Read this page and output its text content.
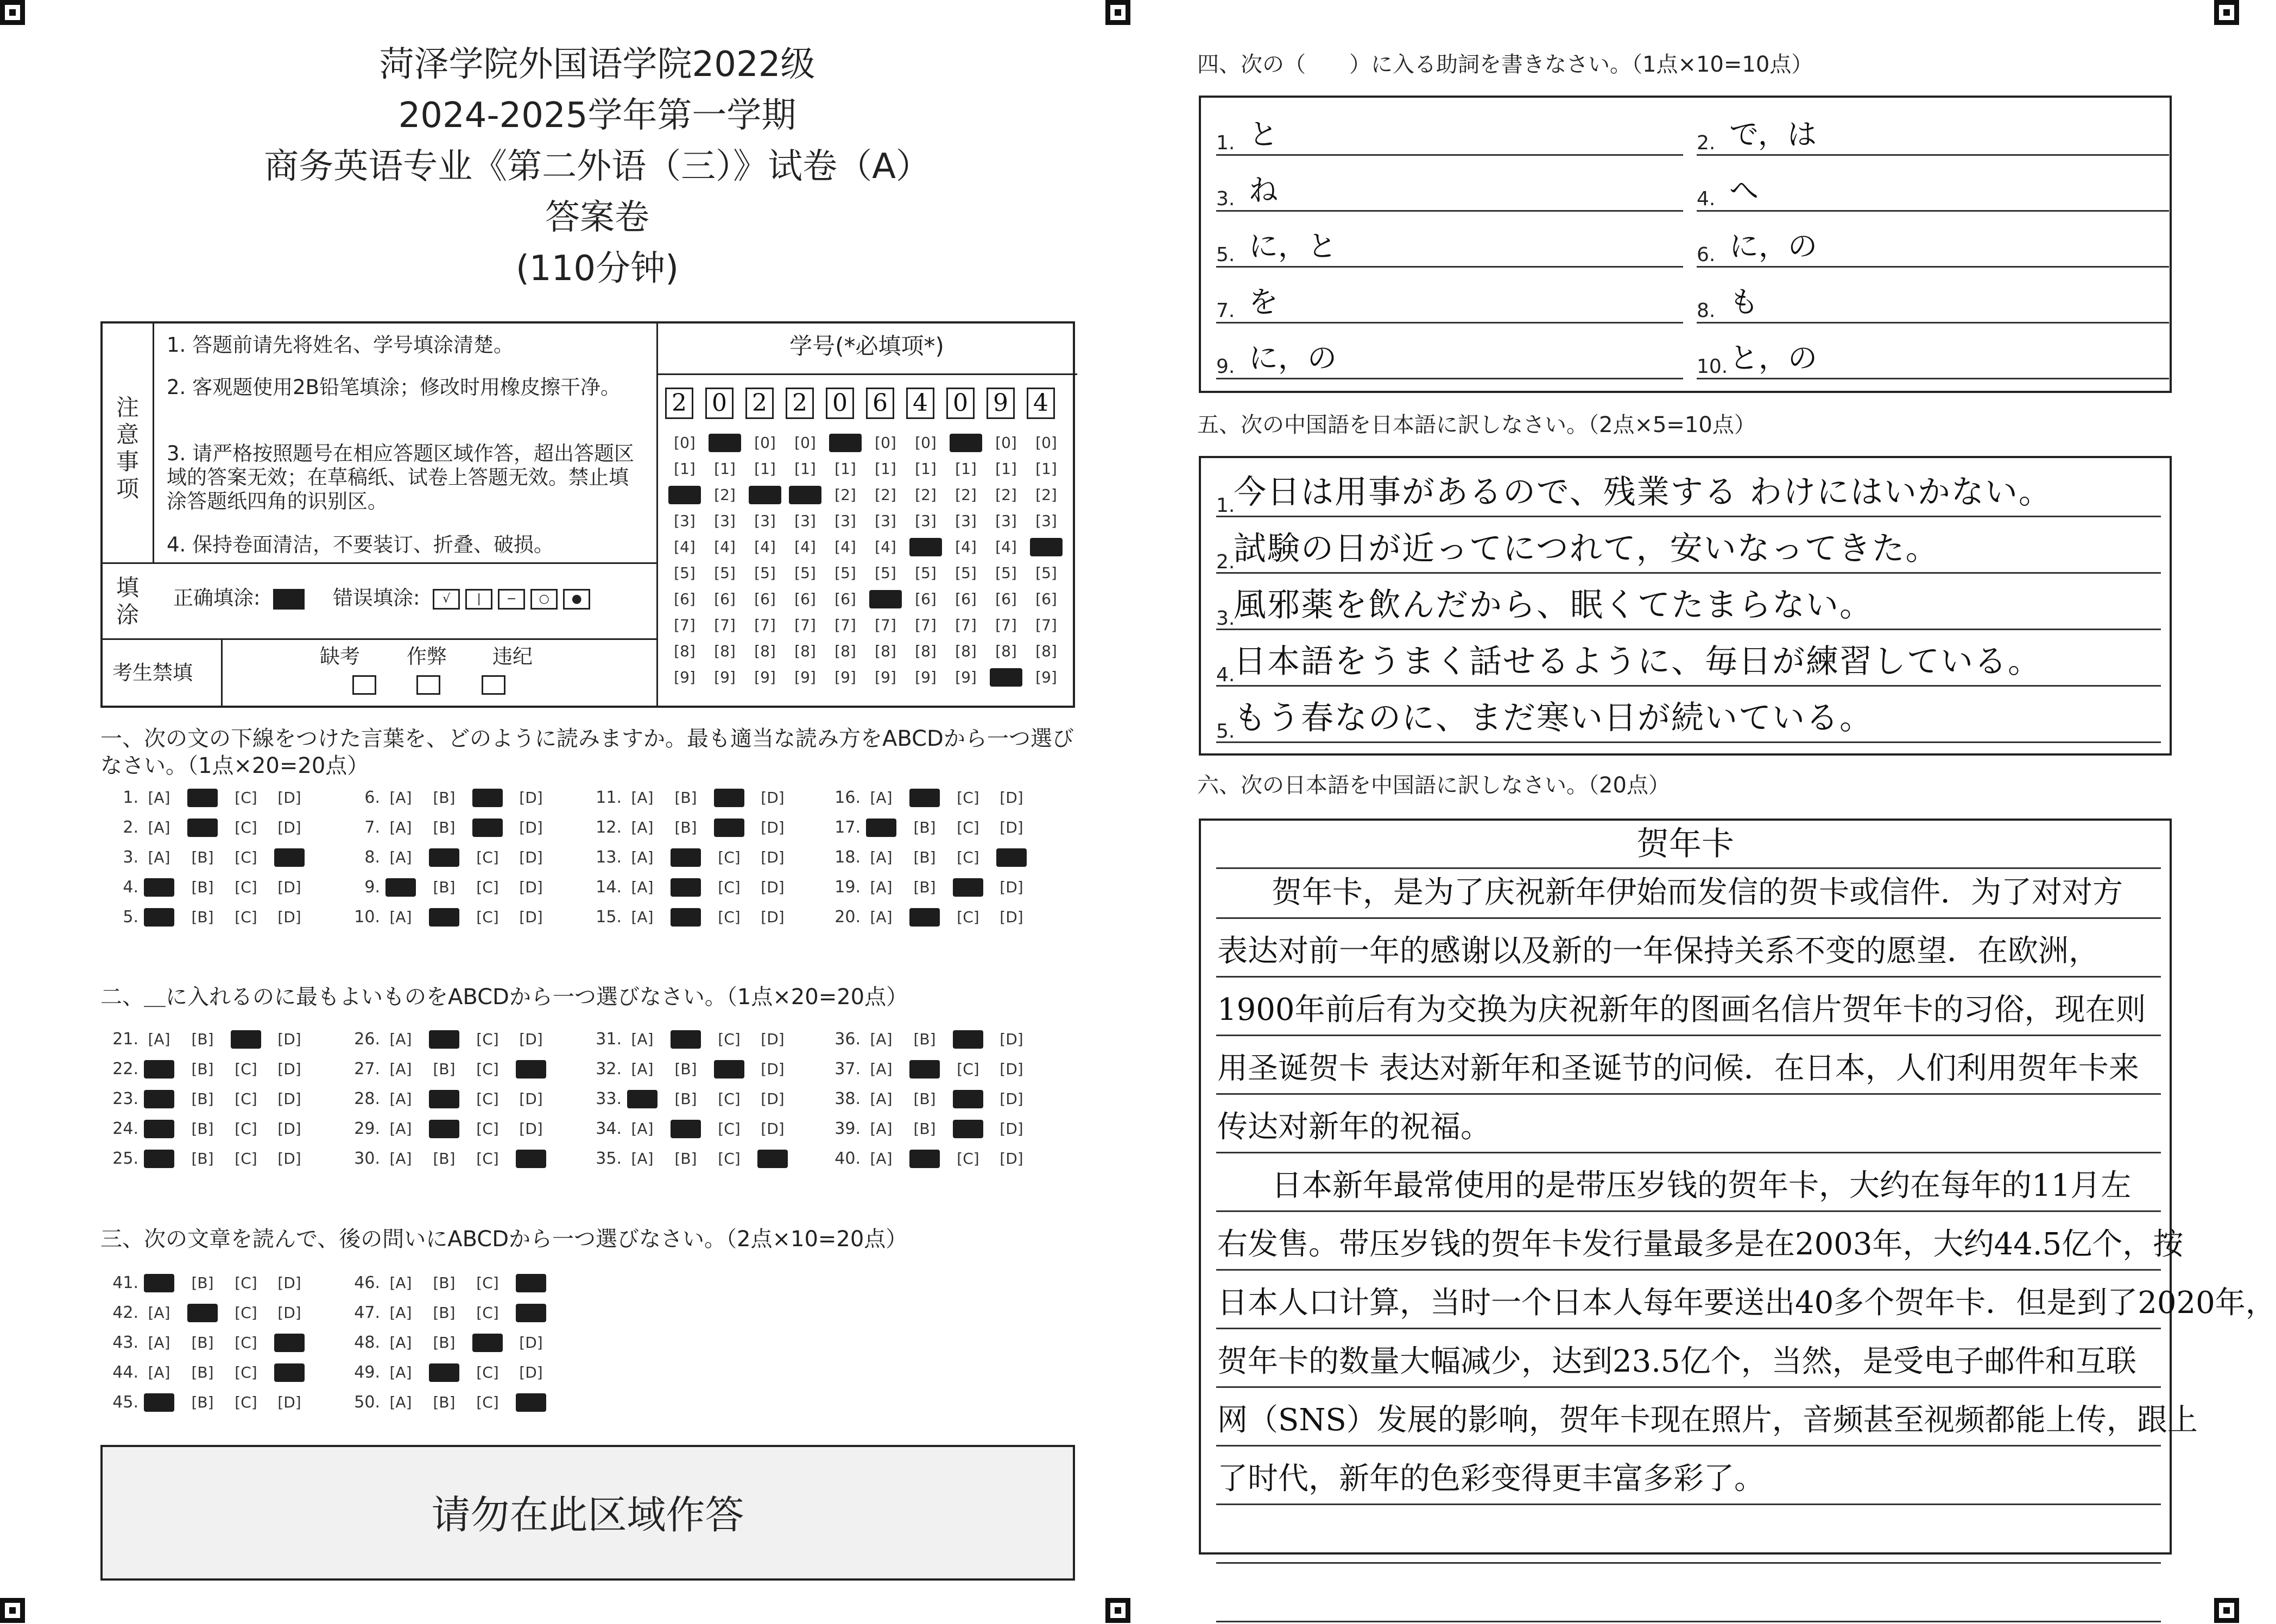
菏泽学院外国语学院2022级
2024-2025学年第一学期
商务英语专业《第二外语（三）》试卷（A）
答案卷
(110分钟)
注意事项
1. 答题前请先将姓名、学号填涂清楚。
2. 客观题使用2B铅笔填涂；修改时用橡皮擦干净。
3. 请严格按照题号在相应答题区域作答，超出答题区域的答案无效；在草稿纸、试卷上答题无效。禁止填涂答题纸四角的识别区。
4. 保持卷面清洁，不要装订、折叠、破损。
填涂
正确填涂:	错误填涂: √ | − ○ ●
考生禁填
缺考 作弊 违纪
学号(*必填项*)
2 0 2 2 0 6 4 0 9 4
[0]	[0]	[0]	[0]	[0]	[0]	[0]	[0]	[0]	[0]
[1]	[1]	[1]	[1]	[1]	[1]	[1]	[1]	[1]	[1]
[2]	[2]	[2]	[2]	[2]	[2]	[2]	[2]	[2]	[2]
[3]	[3]	[3]	[3]	[3]	[3]	[3]	[3]	[3]	[3]
[4]	[4]	[4]	[4]	[4]	[4]	[4]	[4]	[4]	[4]
[5]	[5]	[5]	[5]	[5]	[5]	[5]	[5]	[5]	[5]
[6]	[6]	[6]	[6]	[6]	[6]	[6]	[6]	[6]	[6]
[7]	[7]	[7]	[7]	[7]	[7]	[7]	[7]	[7]	[7]
[8]	[8]	[8]	[8]	[8]	[8]	[8]	[8]	[8]	[8]
[9]	[9]	[9]	[9]	[9]	[9]	[9]	[9]	[9]	[9]
一、次の文の下線をつけた言葉を、どのように読みますか。最も適当な読み方をABCDから一つ選び なさい。（1点×20=20点）
1. [A] [B] [C] [D]
2. [A] [B] [C] [D]
3. [A] [B] [C] [D]
4. [A] [B] [C] [D]
5. [A] [B] [C] [D]
6. [A] [B] [C] [D]
7. [A] [B] [C] [D]
8. [A] [B] [C] [D]
9. [A] [B] [C] [D]
10. [A] [B] [C] [D]
11. [A] [B] [C] [D]
12. [A] [B] [C] [D]
13. [A] [B] [C] [D]
14. [A] [B] [C] [D]
15. [A] [B] [C] [D]
16. [A] [B] [C] [D]
17. [A] [B] [C] [D]
18. [A] [B] [C] [D]
19. [A] [B] [C] [D]
20. [A] [B] [C] [D]
二、＿に入れるのに最もよいものをABCDから一つ選びなさい。（1点×20=20点）
21. [A] [B] [C] [D]
22. [A] [B] [C] [D]
23. [A] [B] [C] [D]
24. [A] [B] [C] [D]
25. [A] [B] [C] [D]
26. [A] [B] [C] [D]
27. [A] [B] [C] [D]
28. [A] [B] [C] [D]
29. [A] [B] [C] [D]
30. [A] [B] [C] [D]
31. [A] [B] [C] [D]
32. [A] [B] [C] [D]
33. [A] [B] [C] [D]
34. [A] [B] [C] [D]
35. [A] [B] [C] [D]
36. [A] [B] [C] [D]
37. [A] [B] [C] [D]
38. [A] [B] [C] [D]
39. [A] [B] [C] [D]
40. [A] [B] [C] [D]
三、次の文章を読んで、後の問いにABCDから一つ選びなさい。（2点×10=20点）
41. [A] [B] [C] [D]
42. [A] [B] [C] [D]
43. [A] [B] [C] [D]
44. [A] [B] [C] [D]
45. [A] [B] [C] [D]
46. [A] [B] [C] [D]
47. [A] [B] [C] [D]
48. [A] [B] [C] [D]
49. [A] [B] [C] [D]
50. [A] [B] [C] [D]
请勿在此区域作答
四、次の（　　）に入る助詞を書きなさい。（1点×10=10点）
1. と	2. で，は
3. ね	4. へ
5. に，と	6. に，の
7. を	8. も
9. に，の	10. と，の
五、次の中国語を日本語に訳しなさい。（2点×5=10点）
1.
今日は用事があるので、残業する わけにはいかない。
2.
試験の日が近ってにつれて，安いなってきた。
3.
風邪薬を飲んだから、眠くてたまらない。
4.
日本語をうまく話せるように、毎日が練習している。
5.
もう春なのに、まだ寒い日が続いている。
六、次の日本語を中国語に訳しなさい。（20点）
贺年卡
贺年卡，是为了庆祝新年伊始而发信的贺卡或信件．为了对对方
表达对前一年的感谢以及新的一年保持关系不变的愿望．在欧洲，
1900年前后有为交换为庆祝新年的图画名信片贺年卡的习俗，现在则
用圣诞贺卡 表达对新年和圣诞节的问候．在日本，人们利用贺年卡来
传达对新年的祝福。
日本新年最常使用的是带压岁钱的贺年卡，大约在每年的11月左
右发售。带压岁钱的贺年卡发行量最多是在2003年，大约44.5亿个，按
日本人口计算，当时一个日本人每年要送出40多个贺年卡．但是到了2020年，
贺年卡的数量大幅减少，达到23.5亿个，当然，是受电子邮件和互联
网（SNS）发展的影响，贺年卡现在照片，音频甚至视频都能上传，跟上
了时代，新年的色彩变得更丰富多彩了。
